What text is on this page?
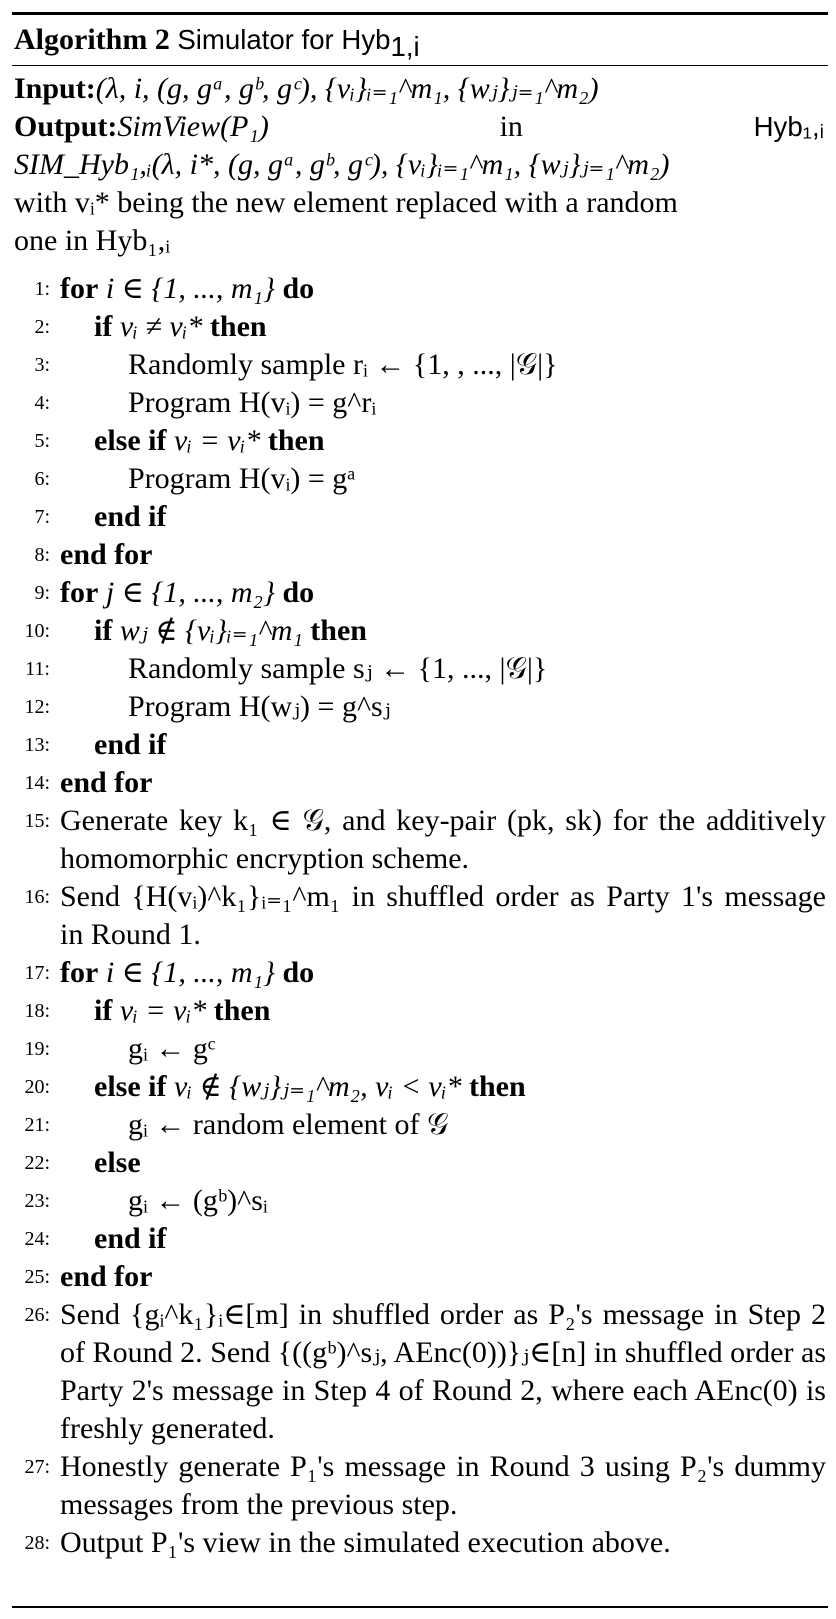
Algorithm 2 Simulator for Hyb$_{1,i}$
Input:(λ, i, (g, gᵃ, gᵇ, gᶜ), {vᵢ}ᵢ₌₁^m₁, {wⱼ}ⱼ₌₁^m₂)
Output:SimView(P₁)	in	Hyb₁,ᵢ
SIM_Hyb₁,ᵢ(λ, i*, (g, gᵃ, gᵇ, gᶜ), {vᵢ}ᵢ₌₁^m₁, {wⱼ}ⱼ₌₁^m₂)
with vᵢ* being the new element replaced with a random
one in Hyb₁,ᵢ
1: for i ∈ {1, ..., m₁} do
2:	if vᵢ ≠ vᵢ* then
3:	Randomly sample rᵢ ← {1, , ..., |𝒢|}
4:	Program H(vᵢ) = g^rᵢ
5:	else if vᵢ = vᵢ* then
6:	Program H(vᵢ) = gᵃ
7:	end if
8: end for
9: for j ∈ {1, ..., m₂} do
10:	if wⱼ ∉ {vᵢ}ᵢ₌₁^m₁ then
11:	Randomly sample sⱼ ← {1, ..., |𝒢|}
12:	Program H(wⱼ) = g^sⱼ
13:	end if
14: end for
15: Generate key k₁ ∈ 𝒢, and key-pair (pk, sk) for the additively homomorphic encryption scheme.
16: Send {H(vᵢ)^k₁}ᵢ₌₁^m₁ in shuffled order as Party 1's message in Round 1.
17: for i ∈ {1, ..., m₁} do
18:	if vᵢ = vᵢ* then
19:	gᵢ ← gᶜ
20:	else if vᵢ ∉ {wⱼ}ⱼ₌₁^m₂, vᵢ < vᵢ* then
21:	gᵢ ← random element of 𝒢
22:	else
23:	gᵢ ← (gᵇ)^sᵢ
24:	end if
25: end for
26: Send {gᵢ^k₁}ᵢ∈[m] in shuffled order as P₂'s message in Step 2 of Round 2. Send {((gᵇ)^sⱼ, AEnc(0))}ⱼ∈[n] in shuffled order as Party 2's message in Step 4 of Round 2, where each AEnc(0) is freshly generated.
27: Honestly generate P₁'s message in Round 3 using P₂'s dummy messages from the previous step.
28: Output P₁'s view in the simulated execution above.
